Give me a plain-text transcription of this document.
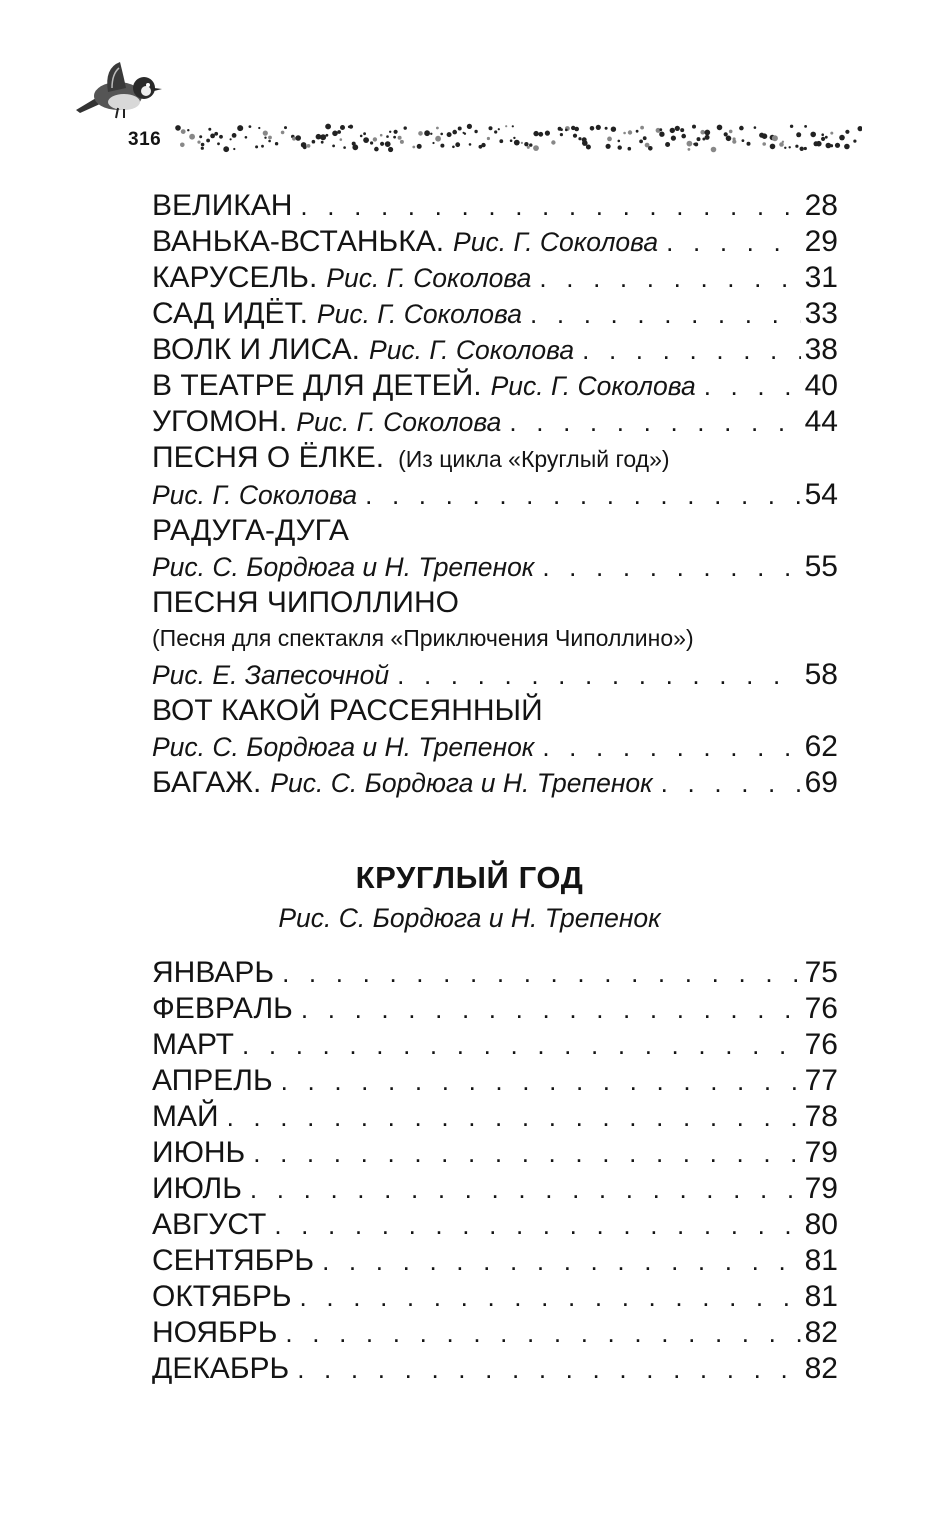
316
ВЕЛИКАН . . .	28
ВАНЬКА-ВСТАНЬКА. Рис. Г. Соколова . . .	29
КАРУСЕЛЬ. Рис. Г. Соколова . . .	31
САД ИДЁТ. Рис. Г. Соколова . . .	33
ВОЛК И ЛИСА. Рис. Г. Соколова . . .	38
В ТЕАТРЕ ДЛЯ ДЕТЕЙ. Рис. Г. Соколова . . .	40
УГОМОН. Рис. Г. Соколова . . .	44
ПЕСНЯ О ЁЛКЕ. (Из цикла «Круглый год»)
Рис. Г. Соколова . . .	54
РАДУГА-ДУГА
Рис. С. Бордюга и Н. Трепенок . . .	55
ПЕСНЯ ЧИПОЛЛИНО
(Песня для спектакля «Приключения Чиполлино»)
Рис. Е. Запесочной . . .	58
ВОТ КАКОЙ РАССЕЯННЫЙ
Рис. С. Бордюга и Н. Трепенок . . .	62
БАГАЖ. Рис. С. Бордюга и Н. Трепенок . . .	69
КРУГЛЫЙ ГОД
Рис. С. Бордюга и Н. Трепенок
ЯНВАРЬ . . .	75
ФЕВРАЛЬ . . .	76
МАРТ . . .	76
АПРЕЛЬ . . .	77
МАЙ . . .	78
ИЮНЬ . . .	79
ИЮЛЬ . . .	79
АВГУСТ . . .	80
СЕНТЯБРЬ . . .	81
ОКТЯБРЬ . . .	81
НОЯБРЬ . . .	82
ДЕКАБРЬ . . .	82
